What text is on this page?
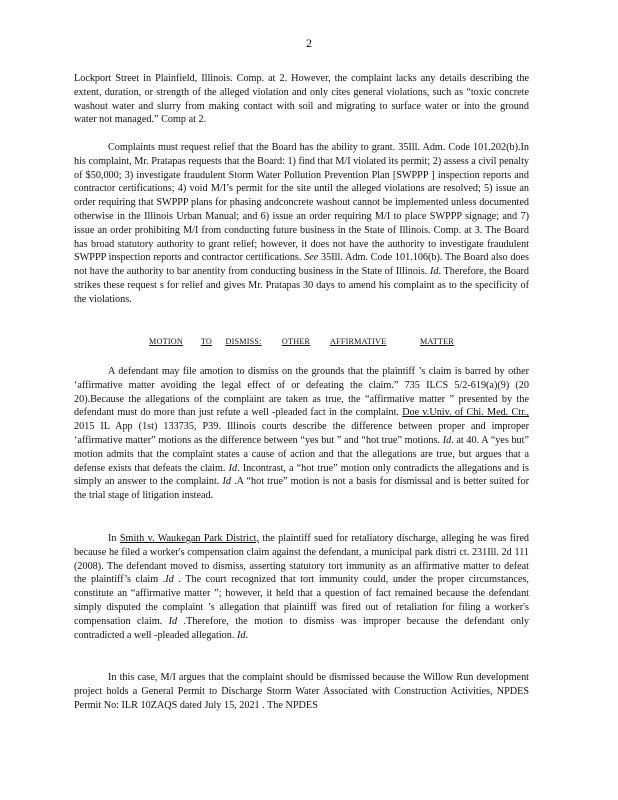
2

Lockport Street in Plainfield, Illinois. Comp. at 2. However, the complaint lacks any details describing the extent, duration, or strength of the alleged violation and only cites general violations, such as “toxic concrete washout water and slurry from making contact with soil and migrating to surface water or into the ground water not managed.” Comp at 2.

Complaints must request relief that the Board has the ability to grant. 35Ill. Adm. Code 101.202(b).In his complaint, Mr. Pratapas requests that the Board: 1) find that M/I violated its permit; 2) assess a civil penalty of $50,000; 3) investigate fraudulent Storm Water Pollution Prevention Plan [SWPPP ] inspection reports and contractor certifications; 4) void M/I’s permit for the site until the alleged violations are resolved; 5) issue an order requiring that SWPPP plans for phasing andconcrete washout cannot be implemented unless documented otherwise in the Illinois Urban Manual; and 6) issue an order requiring M/I to place SWPPP signage; and 7) issue an order prohibiting M/I from conducting future business in the State of Illinois. Comp. at 3. The Board has broad statutory authority to grant relief; however, it does not have the authority to investigate fraudulent SWPPP inspection reports and contractor certifications. See 35Ill. Adm. Code 101.106(b). The Board also does not have the authority to bar anentity from conducting business in the State of Illinois. Id. Therefore, the Board strikes these request s for relief and gives Mr. Pratapas 30 days to amend his complaint as to the specificity of the violations.

MOTION TO DISMISS: OTHER AFFIRMATIVE	MATTER

A defendant may file amotion to dismiss on the grounds that the plaintiff ’s claim is barred by other ‘affirmative matter avoiding the legal effect of or defeating the claim.” 735 ILCS 5/2-619(a)(9) (20 20).Because the allegations of the complaint are taken as true, the “affirmative matter ” presented by the defendant must do more than just refute a well -pleaded fact in the complaint. Doe v.Univ. of Chi. Med. Ctr., 2015 IL App (1st) 133735, P39. Illinois courts describe the difference between proper and improper ‘affirmative matter” motions as the difference between “yes but ” and “hot true” motions. Id. at 40. A “yes but” motion admits that the complaint states a cause of action and that the allegations are true, but argues that a defense exists that defeats the claim. Id. Incontrast, a “hot true” motion only contradicts the allegations and is simply an answer to the complaint. Id .A “hot true” motion is not a basis for dismissal and is better suited for the trial stage of litigation instead.

In Smith v. Waukegan Park District, the plaintiff sued for retaliatory discharge, alleging he was fired because he filed a worker's compensation claim against the defendant, a municipal park distri ct. 231Ill. 2d 111 (2008). The defendant moved to dismiss, asserting statutory tort immunity as an affirmative matter to defeat the plaintiff’s claim .Id . The court recognized that tort immunity could, under the proper circumstances, constitute an “affirmative matter ”; however, it held that a question of fact remained because the defendant simply disputed the complaint ’s allegation that plaintiff was fired out of retaliation for filing a worker's compensation claim. Id .Therefore, the motion to dismiss was improper because the defendant only contradicted a well -pleaded allegation. Id.

In this case, M/I argues that the complaint should be dismissed because the Willow Run development project holds a General Permit to Discharge Storm Water Associated with Construction Activities, NPDES Permit No: ILR 10ZAQS dated July 15, 2021 . The NPDES
